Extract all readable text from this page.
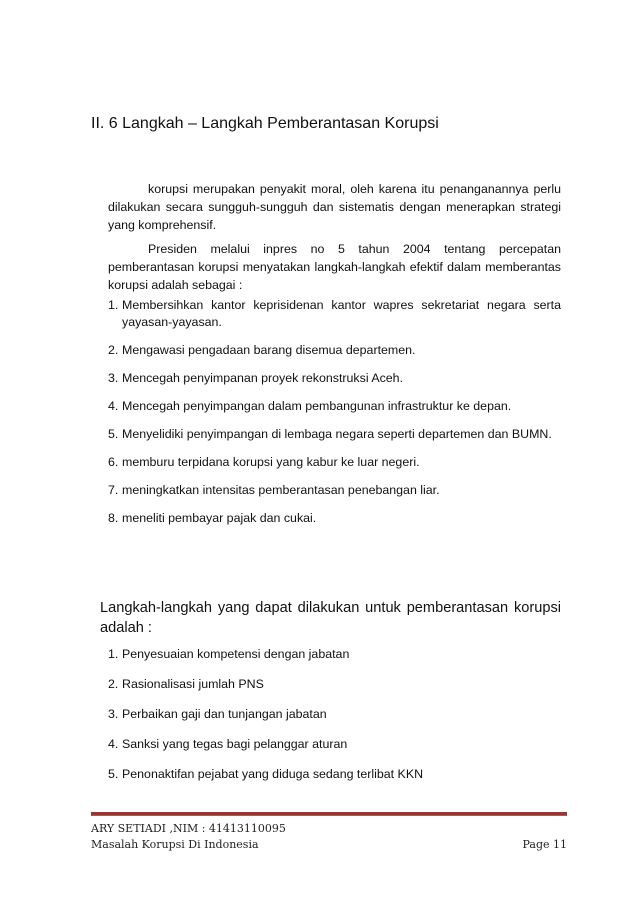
II. 6 Langkah – Langkah Pemberantasan Korupsi

korupsi merupakan penyakit moral, oleh karena itu penanganannya perlu dilakukan secara sungguh-sungguh dan sistematis dengan menerapkan strategi yang komprehensif.

Presiden melalui inpres no 5 tahun 2004 tentang percepatan pemberantasan korupsi menyatakan langkah-langkah efektif dalam memberantas korupsi adalah sebagai :

1. Membersihkan kantor keprisidenan kantor wapres sekretariat negara serta yayasan-yayasan.
2. Mengawasi pengadaan barang disemua departemen.
3. Mencegah penyimpanan proyek rekonstruksi Aceh.
4. Mencegah penyimpangan dalam pembangunan infrastruktur ke depan.
5. Menyelidiki penyimpangan di lembaga negara seperti departemen dan BUMN.
6. memburu terpidana korupsi yang kabur ke luar negeri.
7. meningkatkan intensitas pemberantasan penebangan liar.
8. meneliti pembayar pajak dan cukai.
Langkah-langkah yang dapat dilakukan untuk pemberantasan korupsi adalah :
1. Penyesuaian kompetensi dengan jabatan
2. Rasionalisasi jumlah PNS
3. Perbaikan gaji dan tunjangan jabatan
4. Sanksi yang tegas bagi pelanggar aturan
5. Penonaktifan pejabat yang diduga sedang terlibat KKN
ARY SETIADI ,NIM : 41413110095
Masalah Korupsi Di Indonesia	Page 11
